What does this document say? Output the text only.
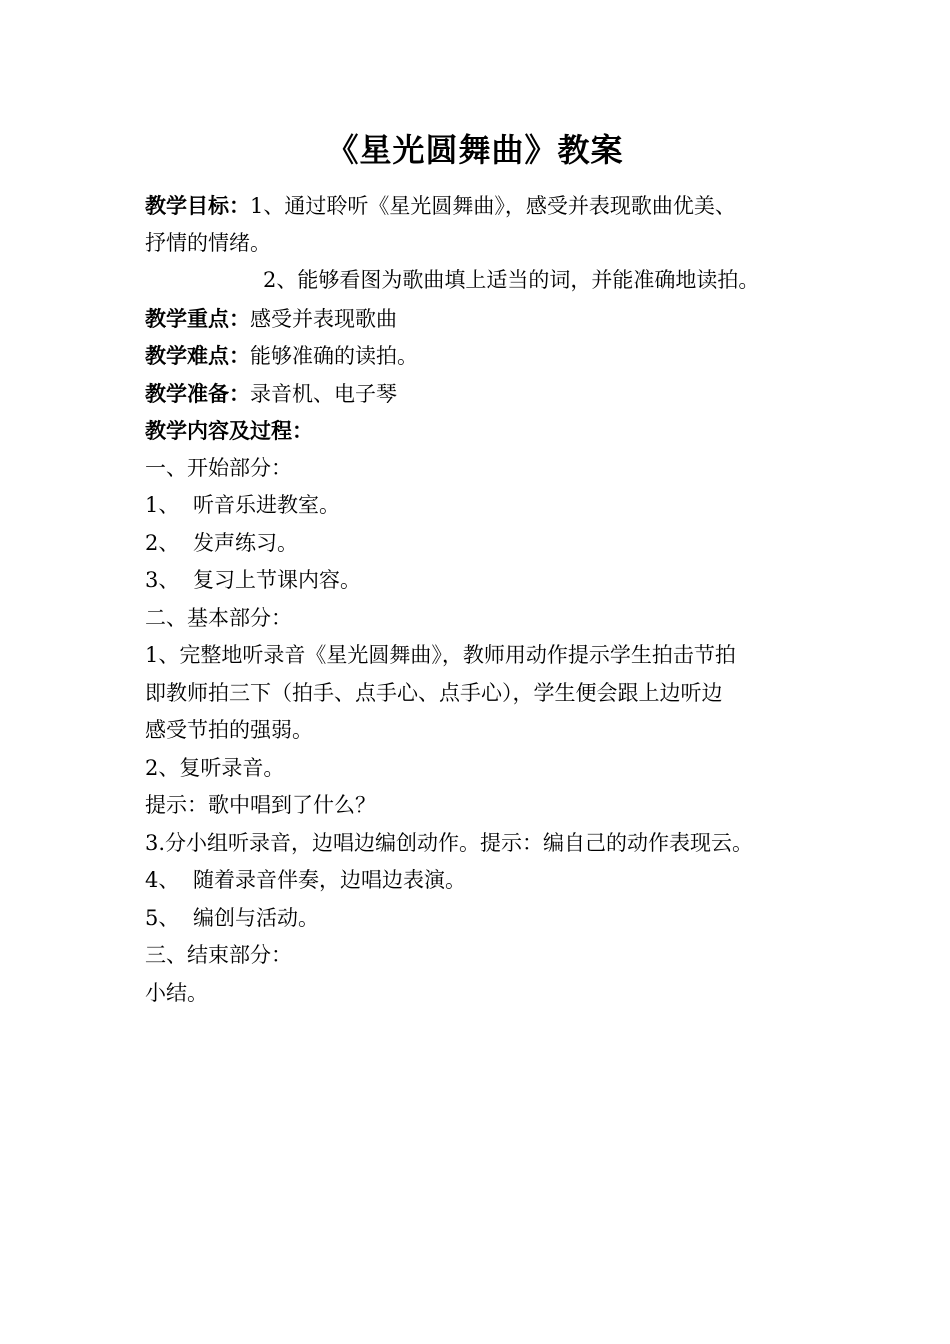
《星光圆舞曲》教案
教学目标：1、通过聆听《星光圆舞曲》，感受并表现歌曲优美、
抒情的情绪。
2、能够看图为歌曲填上适当的词，并能准确地读拍。
教学重点：感受并表现歌曲
教学难点：能够准确的读拍。
教学准备：录音机、电子琴
教学内容及过程：
一、开始部分：
1、 听音乐进教室。
2、 发声练习。
3、 复习上节课内容。
二、基本部分：
1、完整地听录音《星光圆舞曲》，教师用动作提示学生拍击节拍
即教师拍三下（拍手、点手心、点手心），学生便会跟上边听边
感受节拍的强弱。
2、复听录音。
提示：歌中唱到了什么？
3.分小组听录音，边唱边编创动作。提示：编自己的动作表现云。
4、 随着录音伴奏，边唱边表演。
5、 编创与活动。
三、结束部分：
小结。
